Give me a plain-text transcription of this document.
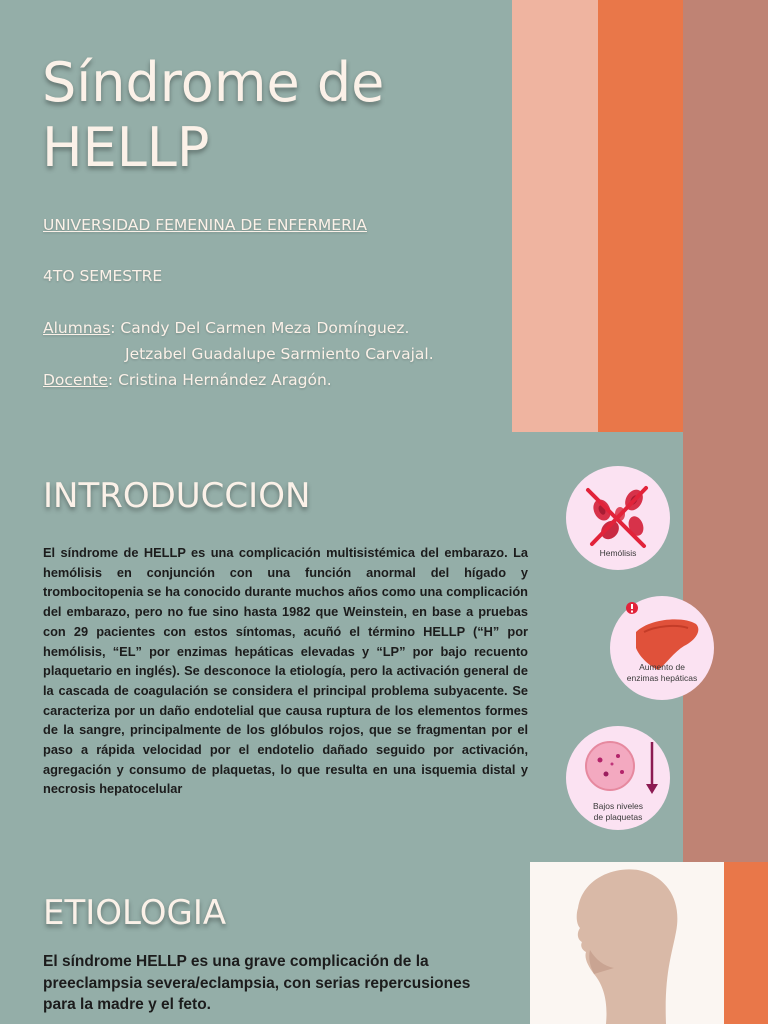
Síndrome de
HELLP
UNIVERSIDAD FEMENINA DE ENFERMERIA
4TO SEMESTRE
Alumnas: Candy Del Carmen Meza Domínguez.
Jetzabel Guadalupe Sarmiento Carvajal.
Docente: Cristina Hernández Aragón.
INTRODUCCION

El síndrome de HELLP es una complicación multisistémica del embarazo. La hemólisis en conjunción con una función anormal del hígado y trombocitopenia se ha conocido durante muchos años como una complicación del embarazo, pero no fue sino hasta 1982 que Weinstein, en base a pruebas con 29 pacientes con estos síntomas, acuñó el término HELLP (“H” por hemólisis, “EL” por enzimas hepáticas elevadas y “LP” por bajo recuento plaquetario en inglés). Se desconoce la etiología, pero la activación general de la cascada de coagulación se considera el principal problema subyacente. Se caracteriza por un daño endotelial que causa ruptura de los elementos formes de la sangre, principalmente de los glóbulos rojos, que se fragmentan por el paso a rápida velocidad por el endotelio dañado seguido por activación, agregación y consumo de plaquetas, lo que resulta en una isquemia distal y necrosis hepatocelular

Hemólisis
Aumento de
enzimas hepáticas
Bajos niveles
de plaquetas
ETIOLOGIA

El síndrome HELLP es una grave complicación de la preeclampsia severa/eclampsia, con serias repercusiones para la madre y el feto.
